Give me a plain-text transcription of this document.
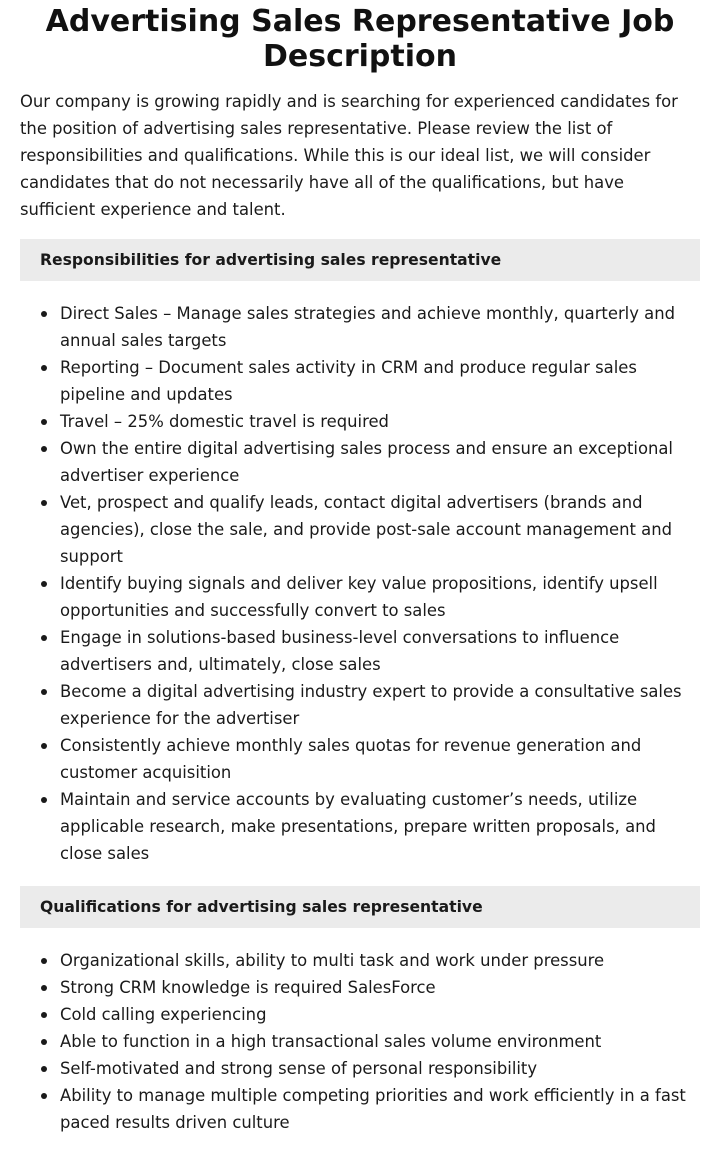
Advertising Sales Representative Job Description

Our company is growing rapidly and is searching for experienced candidates for the position of advertising sales representative. Please review the list of responsibilities and qualifications. While this is our ideal list, we will consider candidates that do not necessarily have all of the qualifications, but have sufficient experience and talent.

Responsibilities for advertising sales representative
Direct Sales – Manage sales strategies and achieve monthly, quarterly and annual sales targets
Reporting – Document sales activity in CRM and produce regular sales pipeline and updates
Travel – 25% domestic travel is required
Own the entire digital advertising sales process and ensure an exceptional advertiser experience
Vet, prospect and qualify leads, contact digital advertisers (brands and agencies), close the sale, and provide post-sale account management and support
Identify buying signals and deliver key value propositions, identify upsell opportunities and successfully convert to sales
Engage in solutions-based business-level conversations to influence advertisers and, ultimately, close sales
Become a digital advertising industry expert to provide a consultative sales experience for the advertiser
Consistently achieve monthly sales quotas for revenue generation and customer acquisition
Maintain and service accounts by evaluating customer’s needs, utilize applicable research, make presentations, prepare written proposals, and close sales
Qualifications for advertising sales representative
Organizational skills, ability to multi task and work under pressure
Strong CRM knowledge is required SalesForce
Cold calling experiencing
Able to function in a high transactional sales volume environment
Self-motivated and strong sense of personal responsibility
Ability to manage multiple competing priorities and work efficiently in a fast paced results driven culture
